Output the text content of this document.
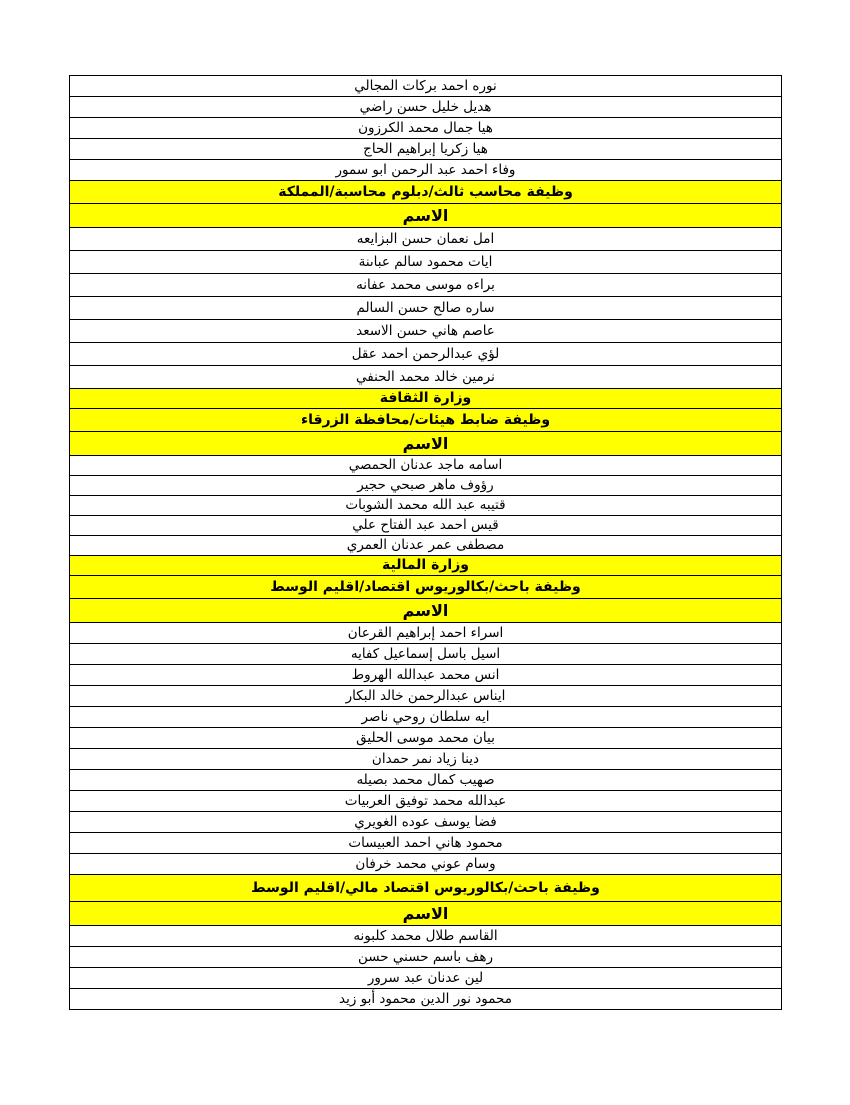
نوره احمد بركات المجالي
هديل خليل حسن راضي
هيا جمال محمد الكرزون
هيا زكريا إبراهيم الحاج
وفاء احمد عبد الرحمن ابو سمور
وظيفة محاسب ثالث/دبلوم محاسبة/المملكة
الاسم
امل نعمان حسن البزايعه
ايات محمود سالم عباىنة
براءه موسى محمد عفانه
ساره صالح حسن السالم
عاصم هاني حسن الاسعد
لؤي عبدالرحمن احمد عقل
نرمين خالد محمد الحنفي
وزارة الثقافة
وظيفة ضابط هيئات/محافظة الزرقاء
الاسم
اسامه ماجد عدنان الحمصي
رؤوف ماهر صبحي حجير
قتيبه عبد الله محمد الشوبات
قيس احمد عبد الفتاح علي
مصطفى عمر عدنان العمري
وزارة المالية
وظيفة باحث/بكالوريوس اقتصاد/اقليم الوسط
الاسم
اسراء احمد إبراهيم القرعان
اسيل باسل إسماعيل كفايه
انس محمد عبدالله الهروط
ايناس عبدالرحمن خالد البكار
ايه سلطان روحي ناصر
بيان محمد موسى الحليق
دينا زياد نمر حمدان
صهيب كمال محمد بصيله
عبدالله محمد توفيق العربيات
فضا يوسف عوده الغويري
محمود هاني احمد العبيسات
وسام عوني محمد خرفان
وظيفة باحث/بكالوريوس اقتصاد مالي/اقليم الوسط
الاسم
القاسم طلال محمد كلبونه
رهف باسم حسني حسن
لين عدنان عبد سرور
محمود نور الدين محمود أبو زيد
